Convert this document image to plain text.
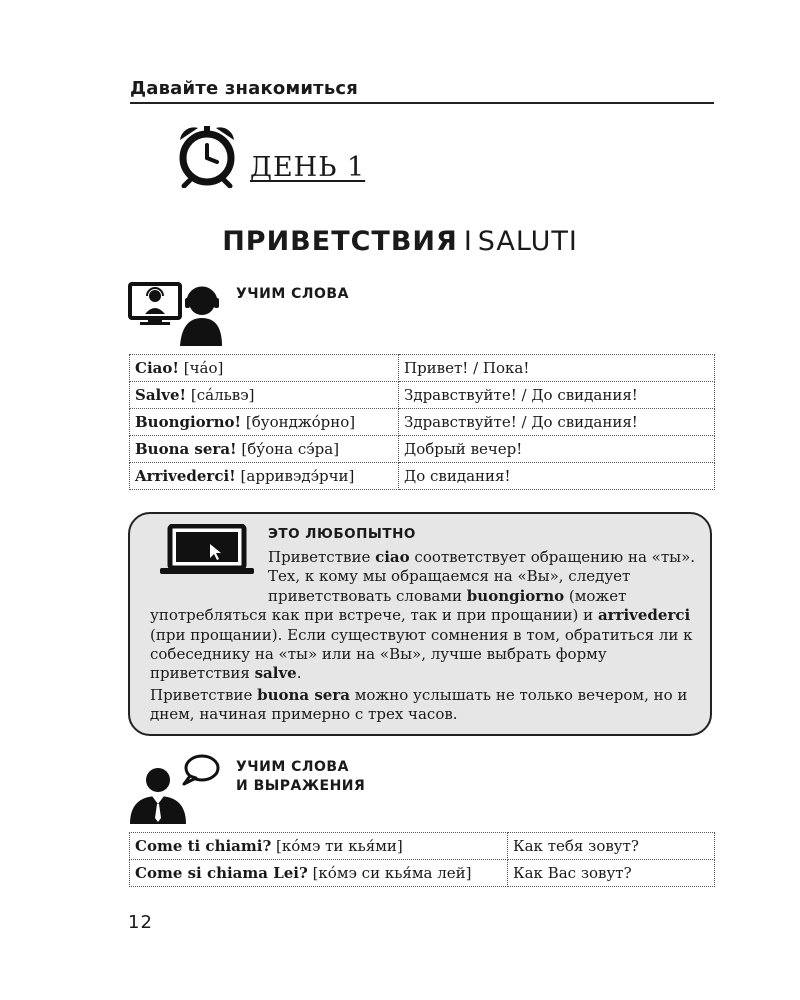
Давайте знакомиться
ДЕНЬ 1
ПРИВЕТСТВИЯ I SALUTI
УЧИМ СЛОВА
Ciao! [чáо]	Привет! / Пока!
Salve! [сáльвэ]	Здравствуйте! / До свидания!
Buongiorno! [буонджóрно]	Здравствуйте! / До свидания!
Buona sera! [бу́она сэ́ра]	Добрый вечер!
Arrivederci! [арривэдэ́рчи]	До свидания!
ЭТО ЛЮБОПЫТНО
Приветствие ciao соответствует обращению на «ты». Тех, к кому мы обращаемся на «Вы», следует приветствовать словами buongiorno (может употребляться как при встрече, так и при прощании) и arrivederci (при прощании). Если существуют сомнения в том, обратиться ли к собеседнику на «ты» или на «Вы», лучше выбрать форму приветствия salve.
Приветствие buona sera можно услышать не только вечером, но и днем, начиная примерно с трех часов.
УЧИМ СЛОВА
И ВЫРАЖЕНИЯ
Come ti chiami? [кóмэ ти кья́ми]	Как тебя зовут?
Come si chiama Lei? [кóмэ си кья́ма лей]	Как Вас зовут?
12
